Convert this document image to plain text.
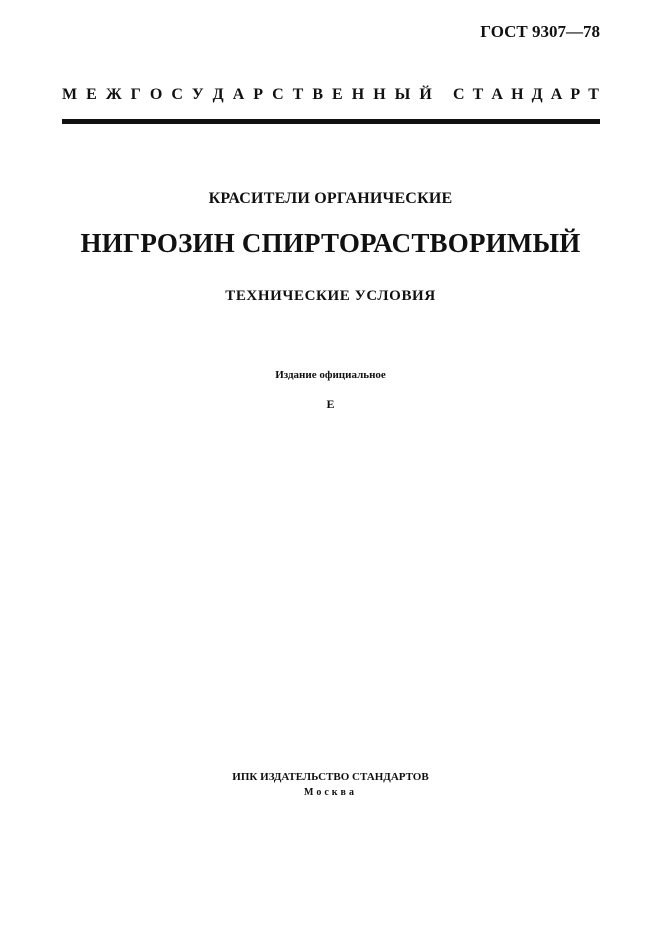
ГОСТ 9307—78
М Е Ж Г О С У Д А Р С Т В Е Н Н Ы Й С Т А Н Д А Р Т
КРАСИТЕЛИ ОРГАНИЧЕСКИЕ
НИГРОЗИН СПИРТОРАСТВОРИМЫЙ
ТЕХНИЧЕСКИЕ УСЛОВИЯ
Издание официальное
Е
ИПК ИЗДАТЕЛЬСТВО СТАНДАРТОВ
Москва
